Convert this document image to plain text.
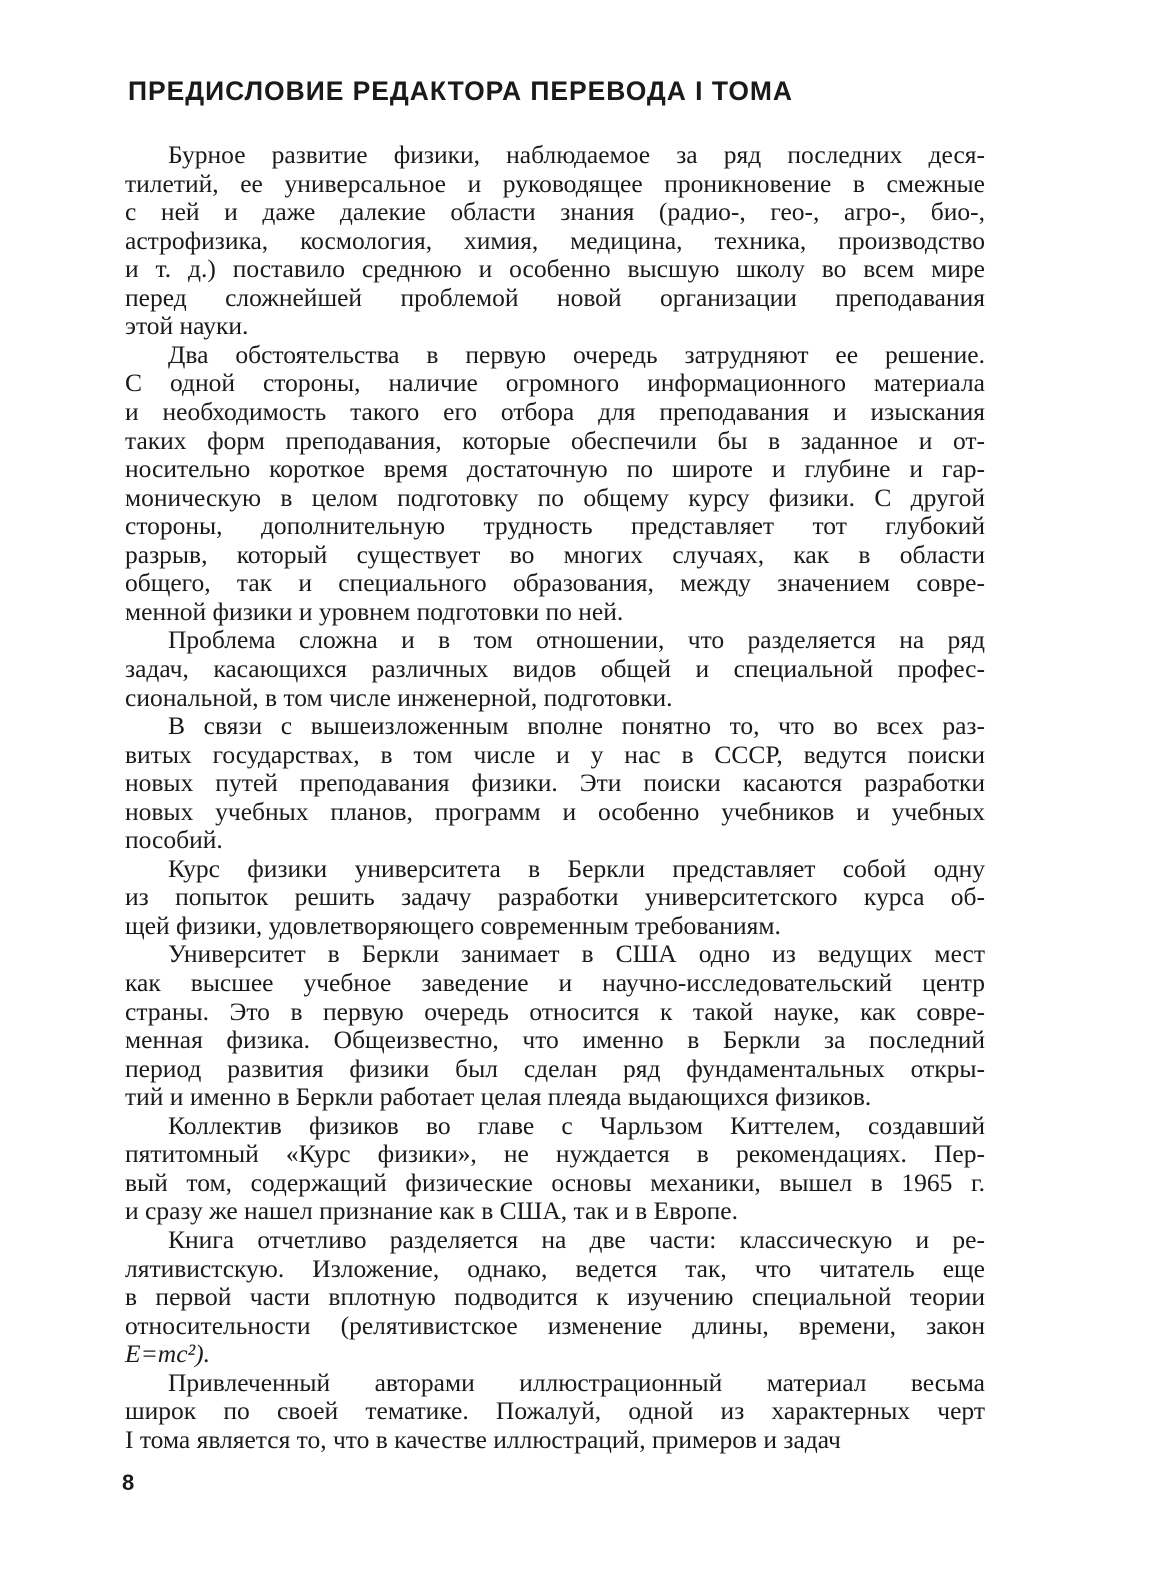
ПРЕДИСЛОВИЕ РЕДАКТОРА ПЕРЕВОДА I ТОМА
Бурное развитие физики, наблюдаемое за ряд последних деся-
тилетий, ее универсальное и руководящее проникновение в смежные
с ней и даже далекие области знания (радио-, гео-, агро-, био-,
астрофизика, космология, химия, медицина, техника, производство
и т. д.) поставило среднюю и особенно высшую школу во всем мире
перед сложнейшей проблемой новой организации преподавания
этой науки.
Два обстоятельства в первую очередь затрудняют ее решение.
С одной стороны, наличие огромного информационного материала
и необходимость такого его отбора для преподавания и изыскания
таких форм преподавания, которые обеспечили бы в заданное и от-
носительно короткое время достаточную по широте и глубине и гар-
моническую в целом подготовку по общему курсу физики. С другой
стороны, дополнительную трудность представляет тот глубокий
разрыв, который существует во многих случаях, как в области
общего, так и специального образования, между значением совре-
менной физики и уровнем подготовки по ней.
Проблема сложна и в том отношении, что разделяется на ряд
задач, касающихся различных видов общей и специальной профес-
сиональной, в том числе инженерной, подготовки.
В связи с вышеизложенным вполне понятно то, что во всех раз-
витых государствах, в том числе и у нас в СССР, ведутся поиски
новых путей преподавания физики. Эти поиски касаются разработки
новых учебных планов, программ и особенно учебников и учебных
пособий.
Курс физики университета в Беркли представляет собой одну
из попыток решить задачу разработки университетского курса об-
щей физики, удовлетворяющего современным требованиям.
Университет в Беркли занимает в США одно из ведущих мест
как высшее учебное заведение и научно-исследовательский центр
страны. Это в первую очередь относится к такой науке, как совре-
менная физика. Общеизвестно, что именно в Беркли за последний
период развития физики был сделан ряд фундаментальных откры-
тий и именно в Беркли работает целая плеяда выдающихся физиков.
Коллектив физиков во главе с Чарльзом Киттелем, создавший
пятитомный «Курс физики», не нуждается в рекомендациях. Пер-
вый том, содержащий физические основы механики, вышел в 1965 г.
и сразу же нашел признание как в США, так и в Европе.
Книга отчетливо разделяется на две части: классическую и ре-
лятивистскую. Изложение, однако, ведется так, что читатель еще
в первой части вплотную подводится к изучению специальной теории
относительности (релятивистское изменение длины, времени, закон
E=mc²).
Привлеченный авторами иллюстрационный материал весьма
широк по своей тематике. Пожалуй, одной из характерных черт
I тома является то, что в качестве иллюстраций, примеров и задач
8
